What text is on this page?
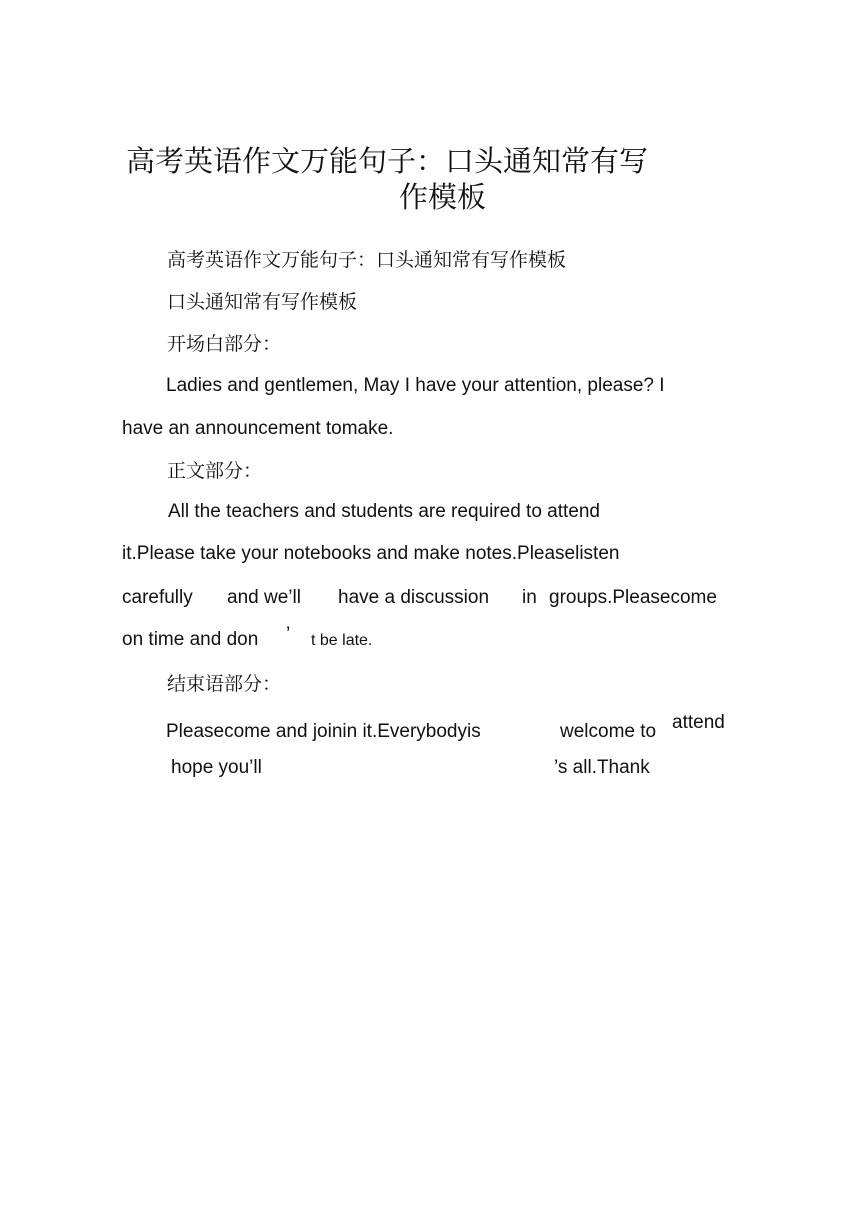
高考英语作文万能句子：口头通知常有写
作模板
高考英语作文万能句子：口头通知常有写作模板
口头通知常有写作模板
开场白部分：
Ladies and gentlemen, May I have your attention, please? I
have an announcement tomake.
正文部分：
All the teachers and students are required to attend
it.Please take your notebooks and make notes.Pleaselisten
carefully and we’ll have a discussion in groups.Pleasecome
on time and don ’ t be late.
结束语部分：
Pleasecome and joinin it.Everybodyis	welcome to attend
hope you’ll	’s all.Thank
